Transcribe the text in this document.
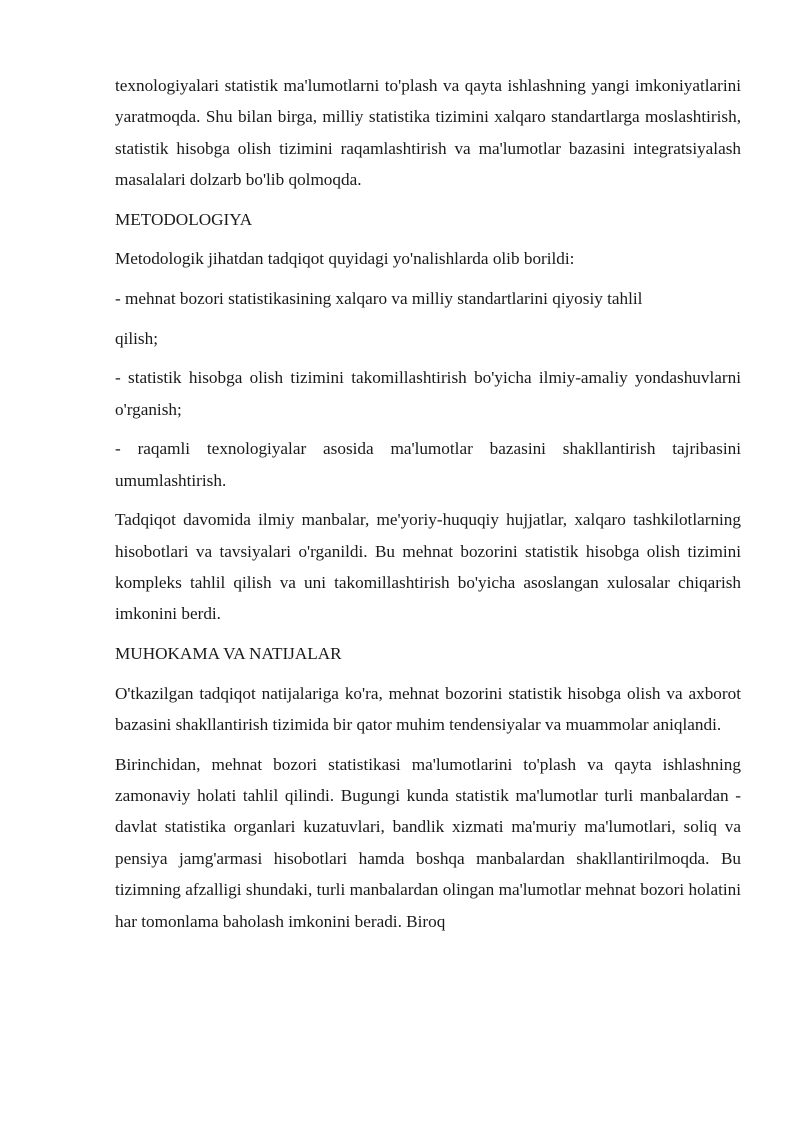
texnologiyalari statistik ma'lumotlarni to'plash va qayta ishlashning yangi imkoniyatlarini yaratmoqda. Shu bilan birga, milliy statistika tizimini xalqaro standartlarga moslashtirish, statistik hisobga olish tizimini raqamlashtirish va ma'lumotlar bazasini integratsiyalash masalalari dolzarb bo'lib qolmoqda.

METODOLOGIYA

Metodologik jihatdan tadqiqot quyidagi yo'nalishlarda olib borildi:

- mehnat bozori statistikasining xalqaro va milliy standartlarini qiyosiy tahlil

qilish;

- statistik hisobga olish tizimini takomillashtirish bo'yicha ilmiy-amaliy yondashuvlarni o'rganish;

- raqamli texnologiyalar asosida ma'lumotlar bazasini shakllantirish tajribasini umumlashtirish.

Tadqiqot davomida ilmiy manbalar, me'yoriy-huquqiy hujjatlar, xalqaro tashkilotlarning hisobotlari va tavsiyalari o'rganildi. Bu mehnat bozorini statistik hisobga olish tizimini kompleks tahlil qilish va uni takomillashtirish bo'yicha asoslangan xulosalar chiqarish imkonini berdi.

MUHOKAMA VA NATIJALAR

O'tkazilgan tadqiqot natijalariga ko'ra, mehnat bozorini statistik hisobga olish va axborot bazasini shakllantirish tizimida bir qator muhim tendensiyalar va muammolar aniqlandi.

Birinchidan, mehnat bozori statistikasi ma'lumotlarini to'plash va qayta ishlashning zamonaviy holati tahlil qilindi. Bugungi kunda statistik ma'lumotlar turli manbalardan - davlat statistika organlari kuzatuvlari, bandlik xizmati ma'muriy ma'lumotlari, soliq va pensiya jamg'armasi hisobotlari hamda boshqa manbalardan shakllantirilmoqda. Bu tizimning afzalligi shundaki, turli manbalardan olingan ma'lumotlar mehnat bozori holatini har tomonlama baholash imkonini beradi. Biroq
